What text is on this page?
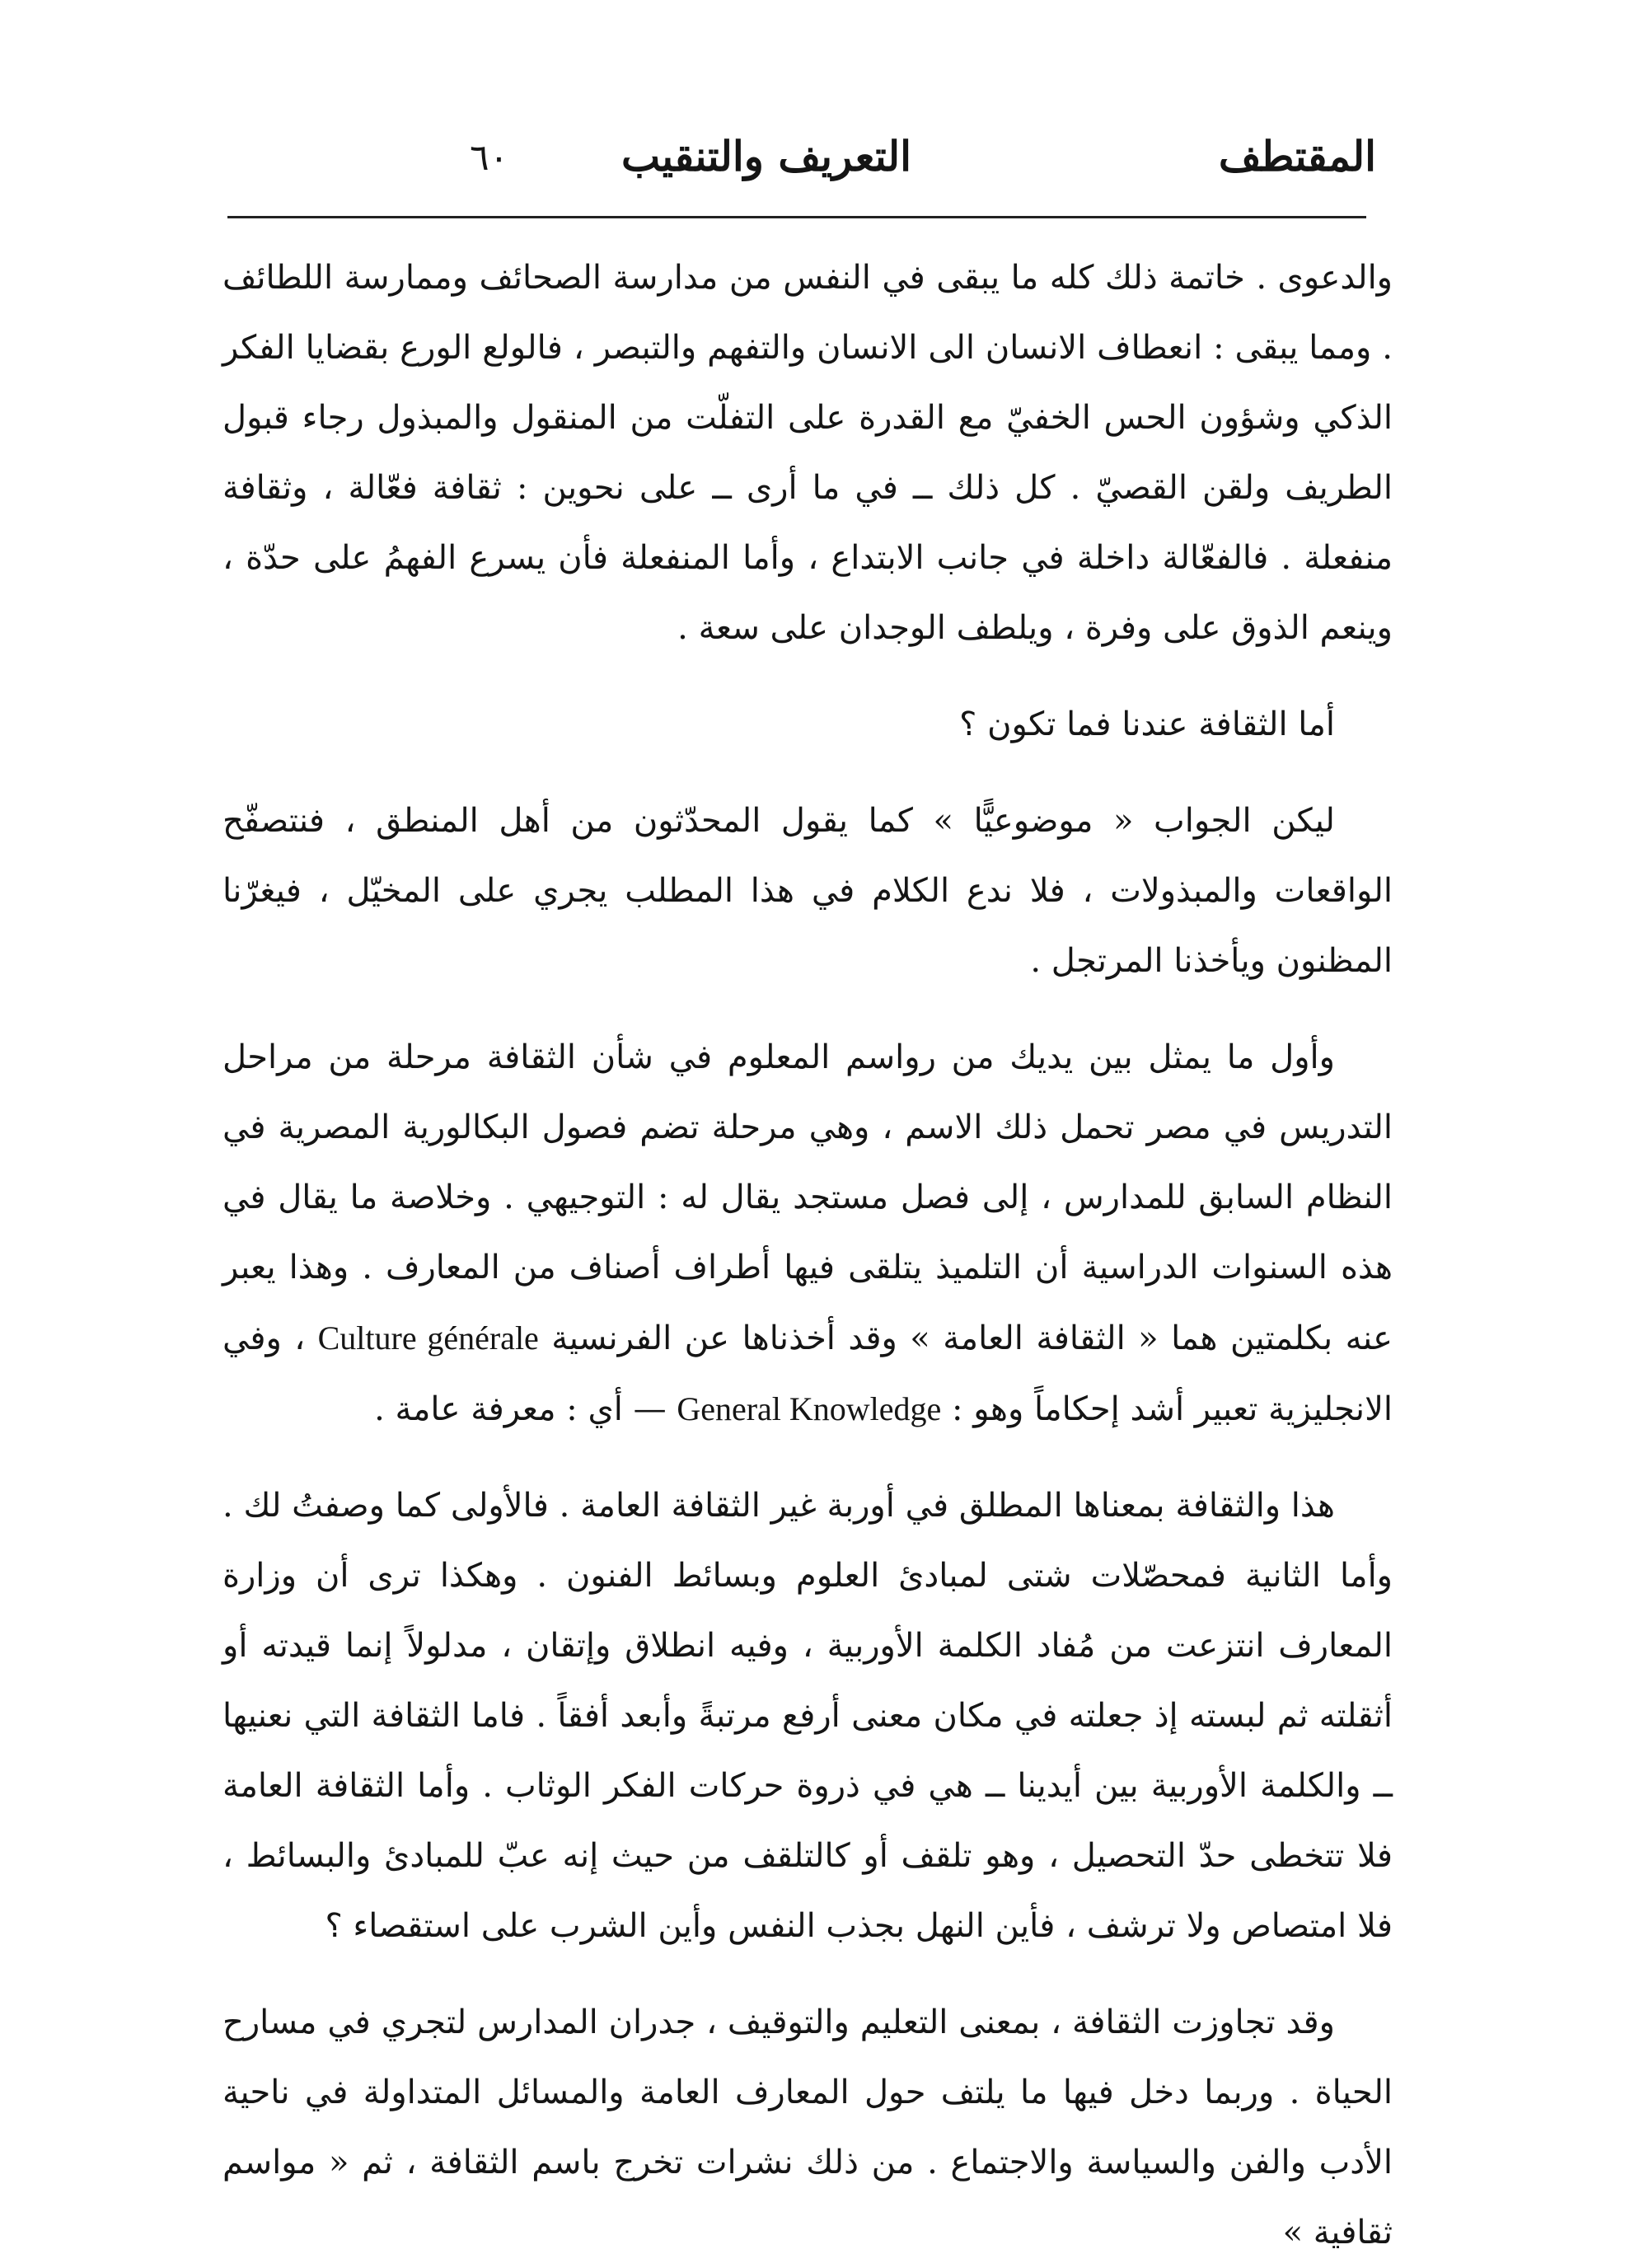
٦٠	التعريف والتنقيب	المقتطف

والدعوى . خاتمة ذلك كله ما يبقى في النفس من مدارسة الصحائف وممارسة اللطائف . ومما يبقى : انعطاف الانسان الى الانسان والتفهم والتبصر ، فالولع الورع بقضايا الفكر الذكي وشؤون الحس الخفيّ مع القدرة على التفلّت من المنقول والمبذول رجاء قبول الطريف ولقن القصيّ . كل ذلك ــ في ما أرى ــ على نحوين : ثقافة فعّالة ، وثقافة منفعلة . فالفعّالة داخلة في جانب الابتداع ، وأما المنفعلة فأن يسرع الفهمُ على حدّة ، وينعم الذوق على وفرة ، ويلطف الوجدان على سعة .

أما الثقافة عندنا فما تكون ؟

ليكن الجواب « موضوعيًّا » كما يقول المحدّثون من أهل المنطق ، فنتصفّح الواقعات والمبذولات ، فلا ندع الكلام في هذا المطلب يجري على المخيّل ، فيغرّنا المظنون ويأخذنا المرتجل .

وأول ما يمثل بين يديك من رواسم المعلوم في شأن الثقافة مرحلة من مراحل التدريس في مصر تحمل ذلك الاسم ، وهي مرحلة تضم فصول البكالورية المصرية في النظام السابق للمدارس ، إلى فصل مستجد يقال له : التوجيهي . وخلاصة ما يقال في هذه السنوات الدراسية أن التلميذ يتلقى فيها أطراف أصناف من المعارف . وهذا يعبر عنه بكلمتين هما « الثقافة العامة » وقد أخذناها عن الفرنسية Culture générale ، وفي الانجليزية تعبير أشد إحكاماً وهو : General Knowledge — أي : معرفة عامة .

هذا والثقافة بمعناها المطلق في أوربة غير الثقافة العامة . فالأولى كما وصفتُ لك . وأما الثانية فمحصّلات شتى لمبادئ العلوم وبسائط الفنون . وهكذا ترى أن وزارة المعارف انتزعت من مُفاد الكلمة الأوربية ، وفيه انطلاق وإتقان ، مدلولاً إنما قيدته أو أثقلته ثم لبسته إذ جعلته في مكان معنى أرفع مرتبةً وأبعد أفقاً . فاما الثقافة التي نعنيها ــ والكلمة الأوربية بين أيدينا ــ هي في ذروة حركات الفكر الوثاب . وأما الثقافة العامة فلا تتخطى حدّ التحصيل ، وهو تلقف أو كالتلقف من حيث إنه عبّ للمبادئ والبسائط ، فلا امتصاص ولا ترشف ، فأين النهل بجذب النفس وأين الشرب على استقصاء ؟

وقد تجاوزت الثقافة ، بمعنى التعليم والتوقيف ، جدران المدارس لتجري في مسارح الحياة . وربما دخل فيها ما يلتف حول المعارف العامة والمسائل المتداولة في ناحية الأدب والفن والسياسة والاجتماع . من ذلك نشرات تخرج باسم الثقافة ، ثم « مواسم ثقافية »
